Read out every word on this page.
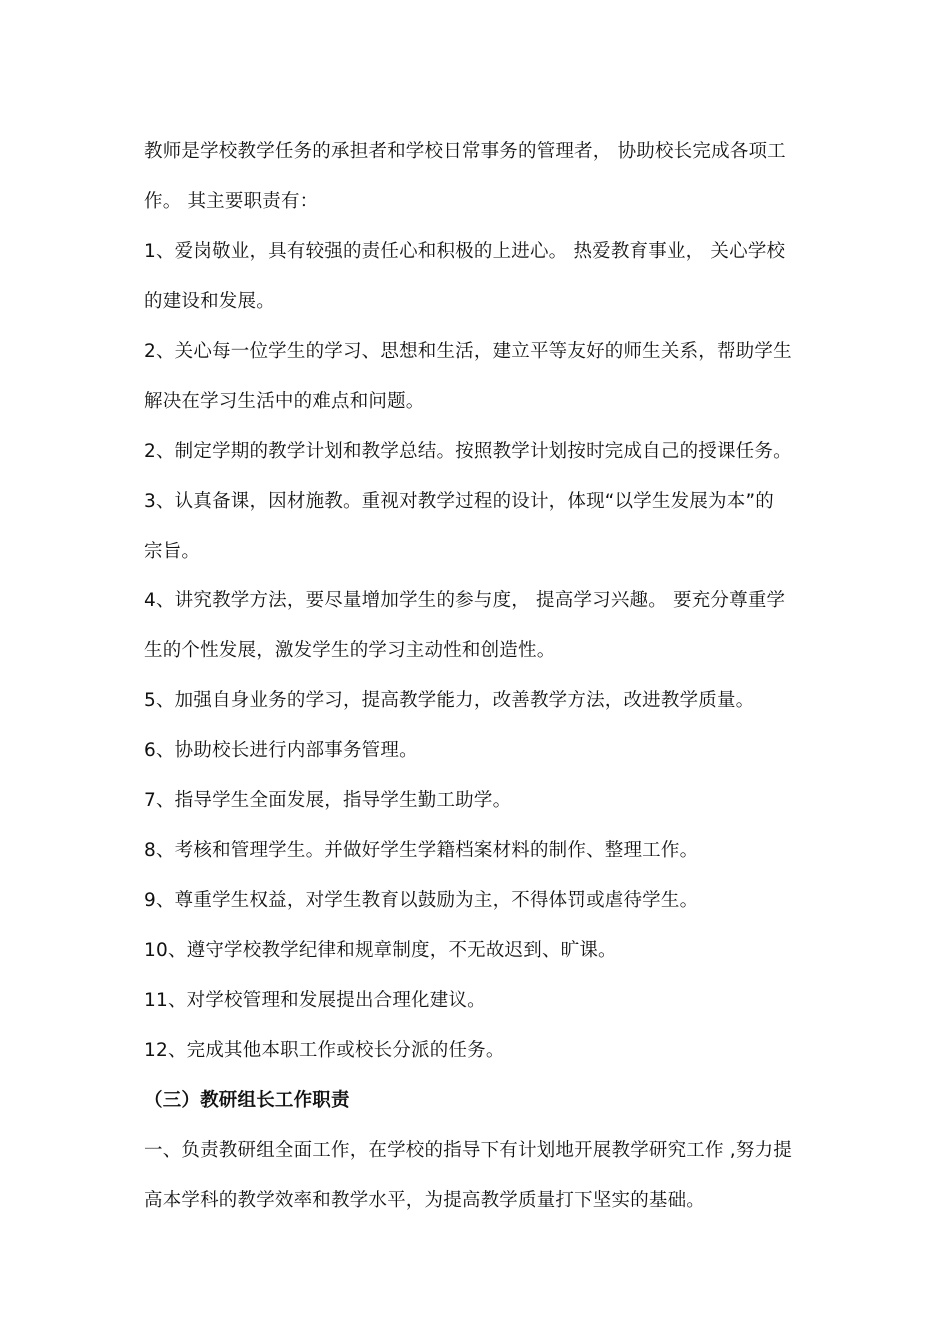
教师是学校教学任务的承担者和学校日常事务的管理者， 协助校长完成各项工
作。 其主要职责有：
1、爱岗敬业，具有较强的责任心和积极的上进心。 热爱教育事业， 关心学校
的建设和发展。
2、关心每一位学生的学习、思想和生活，建立平等友好的师生关系，帮助学生
解决在学习生活中的难点和问题。
2、制定学期的教学计划和教学总结。按照教学计划按时完成自己的授课任务。
3、认真备课，因材施教。重视对教学过程的设计，体现“以学生发展为本”的
宗旨。
4、讲究教学方法，要尽量增加学生的参与度， 提高学习兴趣。 要充分尊重学
生的个性发展，激发学生的学习主动性和创造性。
5、加强自身业务的学习，提高教学能力，改善教学方法，改进教学质量。
6、协助校长进行内部事务管理。
7、指导学生全面发展，指导学生勤工助学。
8、考核和管理学生。并做好学生学籍档案材料的制作、整理工作。
9、尊重学生权益，对学生教育以鼓励为主，不得体罚或虐待学生。
10、遵守学校教学纪律和规章制度，不无故迟到、旷课。
11、对学校管理和发展提出合理化建议。
12、完成其他本职工作或校长分派的任务。
（三）教研组长工作职责
一、负责教研组全面工作，在学校的指导下有计划地开展教学研究工作 ,努力提
高本学科的教学效率和教学水平，为提高教学质量打下坚实的基础。
